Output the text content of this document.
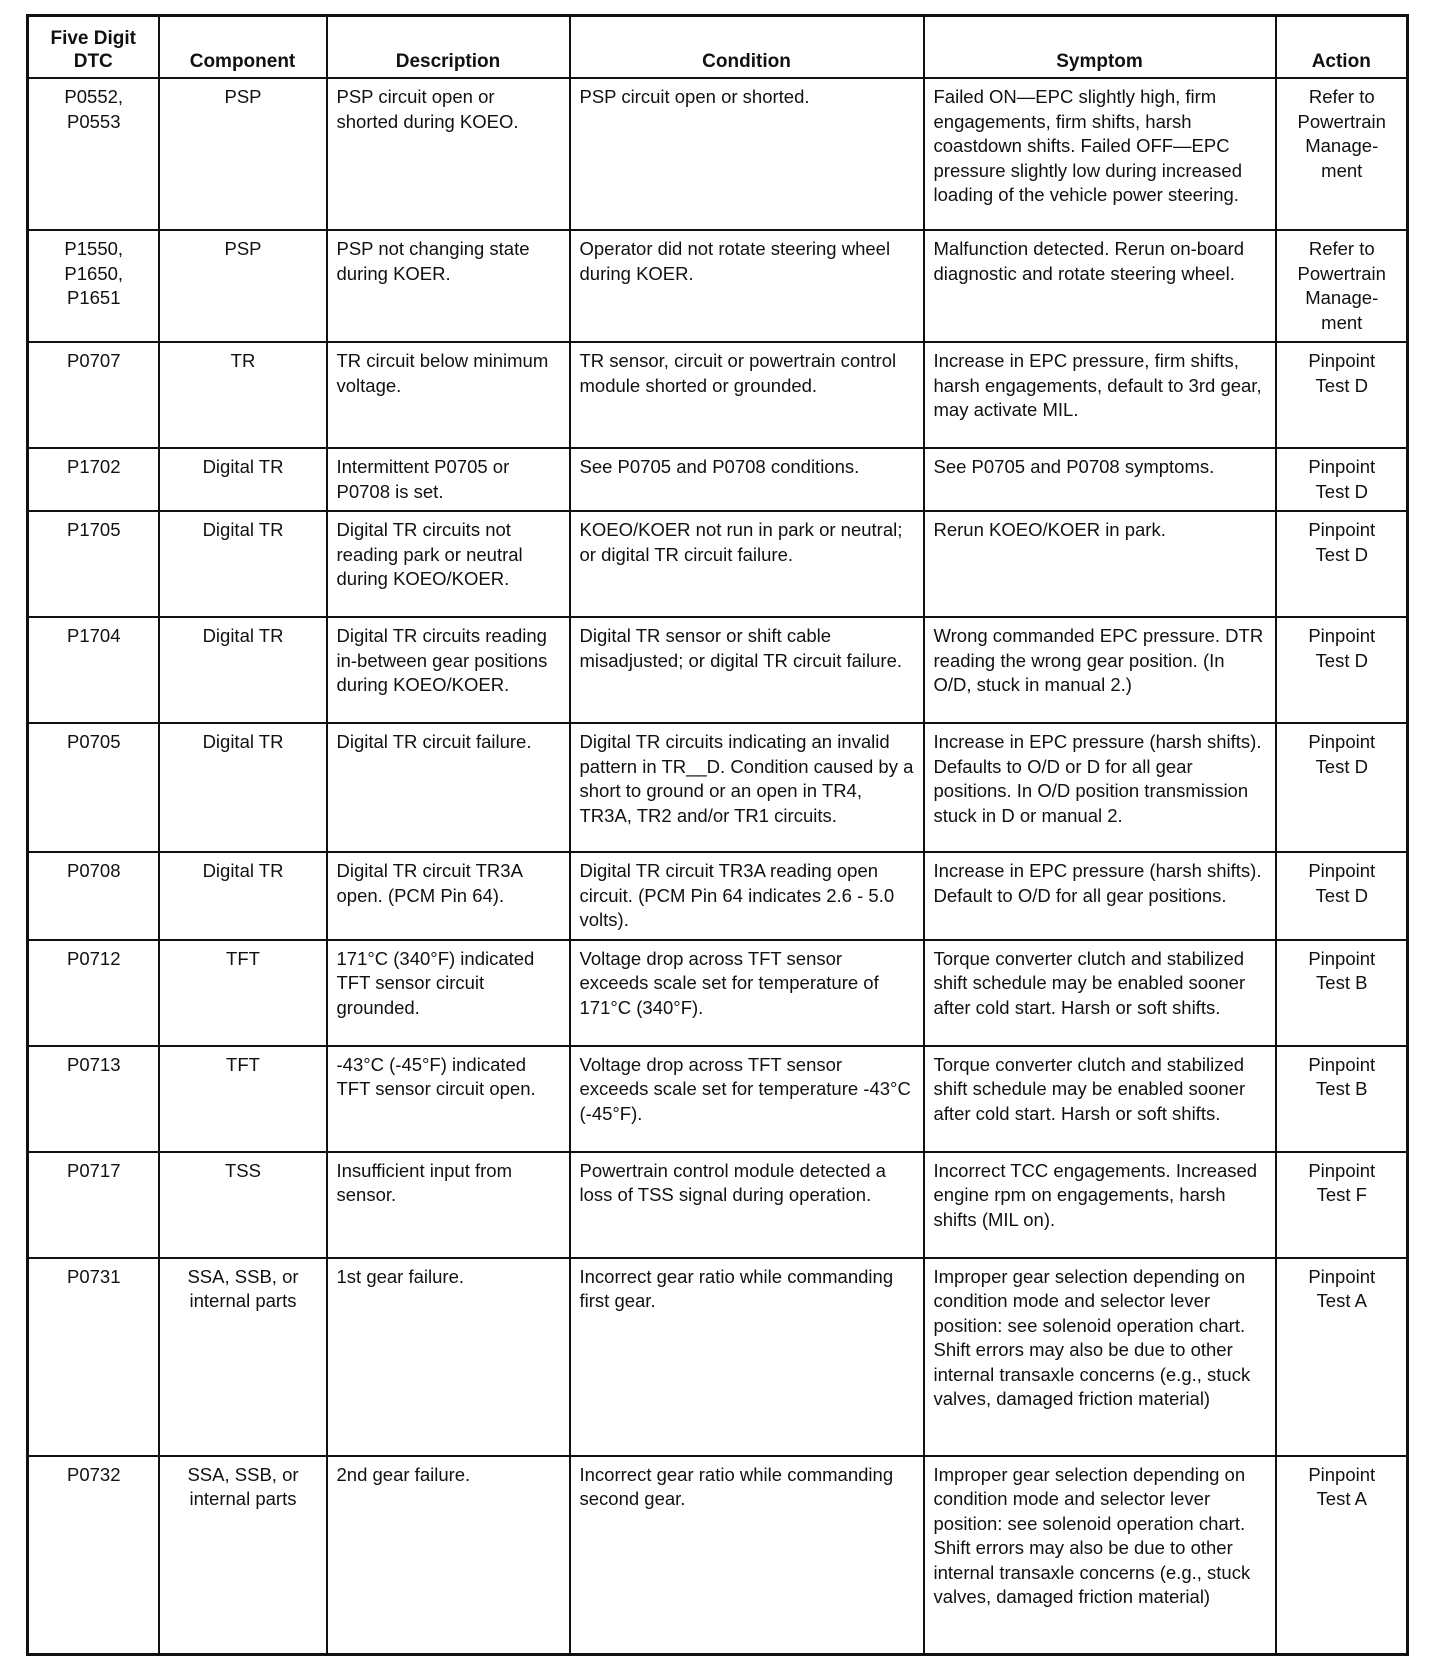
Five Digit
DTC	Component	Description	Condition	Symptom	Action

P0552,
P0553	PSP	PSP circuit open or shorted during KOEO.	PSP circuit open or shorted.	Failed ON—EPC slightly high, firm engagements, firm shifts, harsh coastdown shifts. Failed OFF—EPC pressure slightly low during increased loading of the vehicle power steering.	Refer to
Powertrain
Manage-
ment

P1550,
P1650,
P1651	PSP	PSP not changing state during KOER.	Operator did not rotate steering wheel during KOER.	Malfunction detected. Rerun on-board diagnostic and rotate steering wheel.	Refer to
Powertrain
Manage-
ment

P0707	TR	TR circuit below minimum voltage.	TR sensor, circuit or powertrain control module shorted or grounded.	Increase in EPC pressure, firm shifts, harsh engagements, default to 3rd gear, may activate MIL.	Pinpoint
Test D

P1702	Digital TR	Intermittent P0705 or P0708 is set.	See P0705 and P0708 conditions.	See P0705 and P0708 symptoms.	Pinpoint
Test D

P1705	Digital TR	Digital TR circuits not reading park or neutral during KOEO/KOER.	KOEO/KOER not run in park or neutral; or digital TR circuit failure.	Rerun KOEO/KOER in park.	Pinpoint
Test D

P1704	Digital TR	Digital TR circuits reading in-between gear positions during KOEO/KOER.	Digital TR sensor or shift cable misadjusted; or digital TR circuit failure.	Wrong commanded EPC pressure. DTR reading the wrong gear position. (In O/D, stuck in manual 2.)	Pinpoint
Test D

P0705	Digital TR	Digital TR circuit failure.	Digital TR circuits indicating an invalid pattern in TR__D. Condition caused by a short to ground or an open in TR4, TR3A, TR2 and/or TR1 circuits.	Increase in EPC pressure (harsh shifts). Defaults to O/D or D for all gear positions. In O/D position transmission stuck in D or manual 2.	Pinpoint
Test D

P0708	Digital TR	Digital TR circuit TR3A open. (PCM Pin 64).	Digital TR circuit TR3A reading open circuit. (PCM Pin 64 indicates 2.6 - 5.0 volts).	Increase in EPC pressure (harsh shifts). Default to O/D for all gear positions.	Pinpoint
Test D

P0712	TFT	171°C (340°F) indicated TFT sensor circuit grounded.	Voltage drop across TFT sensor exceeds scale set for temperature of 171°C (340°F).	Torque converter clutch and stabilized shift schedule may be enabled sooner after cold start. Harsh or soft shifts.	Pinpoint
Test B

P0713	TFT	-43°C (-45°F) indicated TFT sensor circuit open.	Voltage drop across TFT sensor exceeds scale set for temperature -43°C (-45°F).	Torque converter clutch and stabilized shift schedule may be enabled sooner after cold start. Harsh or soft shifts.	Pinpoint
Test B

P0717	TSS	Insufficient input from sensor.	Powertrain control module detected a loss of TSS signal during operation.	Incorrect TCC engagements. Increased engine rpm on engagements, harsh shifts (MIL on).	Pinpoint
Test F

P0731	SSA, SSB, or internal parts	1st gear failure.	Incorrect gear ratio while commanding first gear.	Improper gear selection depending on condition mode and selector lever position: see solenoid operation chart. Shift errors may also be due to other internal transaxle concerns (e.g., stuck valves, damaged friction material)	Pinpoint
Test A

P0732	SSA, SSB, or internal parts	2nd gear failure.	Incorrect gear ratio while commanding second gear.	Improper gear selection depending on condition mode and selector lever position: see solenoid operation chart. Shift errors may also be due to other internal transaxle concerns (e.g., stuck valves, damaged friction material)	Pinpoint
Test A
